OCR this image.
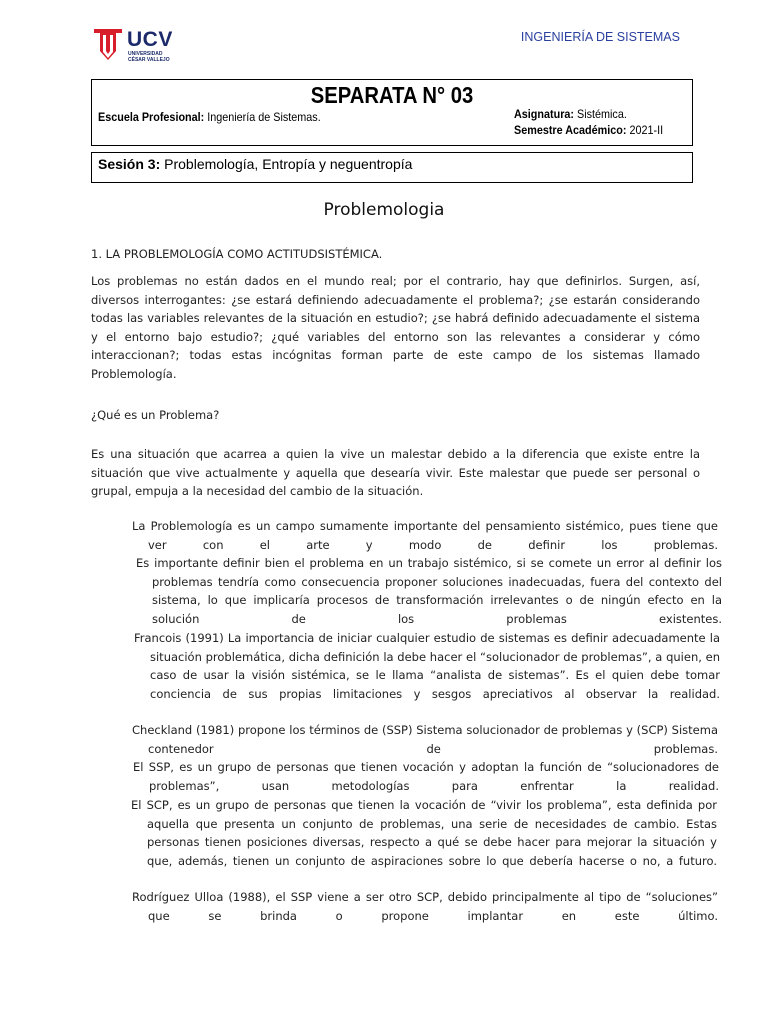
UCV
UNIVERSIDAD
CÉSAR VALLEJO
INGENIERÍA DE SISTEMAS
SEPARATA N° 03
Escuela Profesional: Ingeniería de Sistemas.	Asignatura: Sistémica.
Semestre Académico: 2021-II
Sesión 3: Problemología, Entropía y neguentropía
Problemologia
1. LA PROBLEMOLOGÍA COMO ACTITUDSISTÉMICA.
Los problemas no están dados en el mundo real; por el contrario, hay que definirlos. Surgen, así, diversos interrogantes: ¿se estará definiendo adecuadamente el problema?; ¿se estarán considerando todas las variables relevantes de la situación en estudio?; ¿se habrá definido adecuadamente el sistema y el entorno bajo estudio?; ¿qué variables del entorno son las relevantes a considerar y cómo interaccionan?; todas estas incógnitas forman parte de este campo de los sistemas llamado Problemología.
¿Qué es un Problema?
Es una situación que acarrea a quien la vive un malestar debido a la diferencia que existe entre la situación que vive actualmente y aquella que desearía vivir. Este malestar que puede ser personal o grupal, empuja a la necesidad del cambio de la situación.
La Problemología es un campo sumamente importante del pensamiento sistémico, pues tiene que ver con el arte y modo de definir los problemas.
Es importante definir bien el problema en un trabajo sistémico, si se comete un error al definir los problemas tendría como consecuencia proponer soluciones inadecuadas, fuera del contexto del sistema, lo que implicaría procesos de transformación irrelevantes o de ningún efecto en la solución de los problemas existentes.
Francois (1991) La importancia de iniciar cualquier estudio de sistemas es definir adecuadamente la situación problemática, dicha definición la debe hacer el “solucionador de problemas”, a quien, en caso de usar la visión sistémica, se le llama “analista de sistemas”. Es el quien debe tomar conciencia de sus propias limitaciones y sesgos apreciativos al observar la realidad.
Checkland (1981) propone los términos de (SSP) Sistema solucionador de problemas y (SCP) Sistema contenedor de problemas.
El SSP, es un grupo de personas que tienen vocación y adoptan la función de “solucionadores de problemas”, usan metodologías para enfrentar la realidad.
El SCP, es un grupo de personas que tienen la vocación de “vivir los problema”, esta definida por aquella que presenta un conjunto de problemas, una serie de necesidades de cambio. Estas personas tienen posiciones diversas, respecto a qué se debe hacer para mejorar la situación y que, además, tienen un conjunto de aspiraciones sobre lo que debería hacerse o no, a futuro.
Rodríguez Ulloa (1988), el SSP viene a ser otro SCP, debido principalmente al tipo de “soluciones” que se brinda o propone implantar en este último.
